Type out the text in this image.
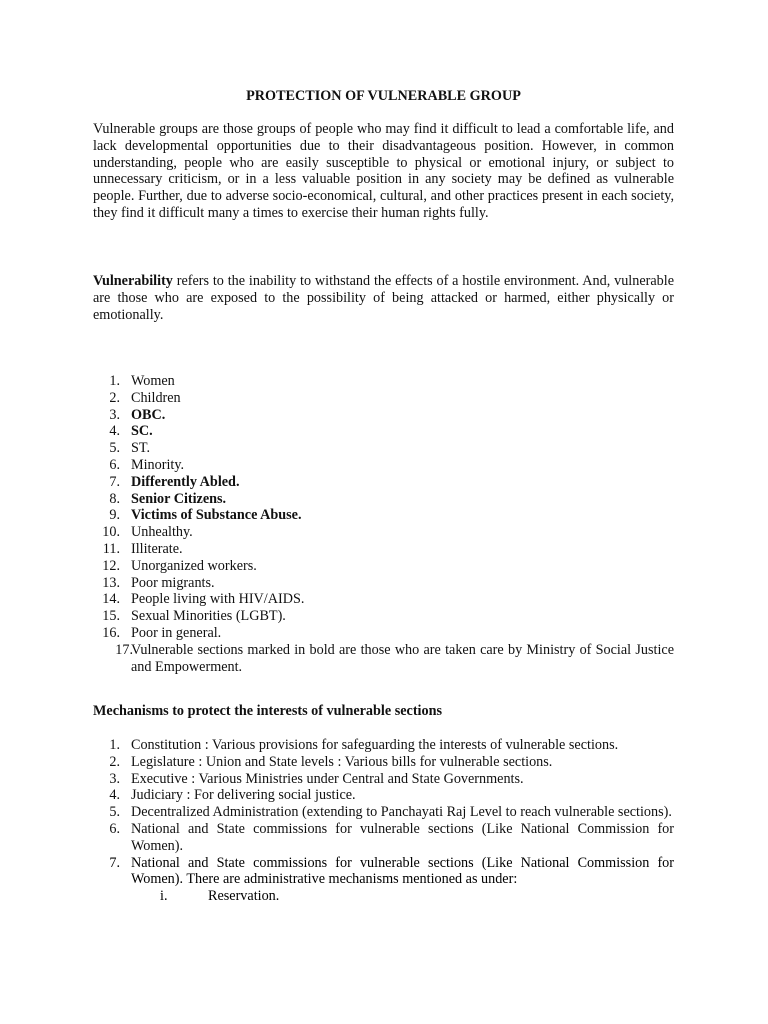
PROTECTION OF VULNERABLE GROUP
Vulnerable groups are those groups of people who may find it difficult to lead a comfortable life, and lack developmental opportunities due to their disadvantageous position. However, in common understanding, people who are easily susceptible to physical or emotional injury, or subject to unnecessary criticism, or in a less valuable position in any society may be defined as vulnerable people. Further, due to adverse socio-economical, cultural, and other practices present in each society, they find it difficult many a times to exercise their human rights fully.
Vulnerability refers to the inability to withstand the effects of a hostile environment. And, vulnerable are those who are exposed to the possibility of being attacked or harmed, either physically or emotionally.
1. Women
2. Children
3. OBC.
4. SC.
5. ST.
6. Minority.
7. Differently Abled.
8. Senior Citizens.
9. Victims of Substance Abuse.
10. Unhealthy.
11. Illiterate.
12. Unorganized workers.
13. Poor migrants.
14. People living with HIV/AIDS.
15. Sexual Minorities (LGBT).
16. Poor in general.
17.
Vulnerable sections marked in bold are those who are taken care by Ministry of Social Justice and Empowerment.
Mechanisms to protect the interests of vulnerable sections
1. Constitution : Various provisions for safeguarding the interests of vulnerable sections.
2. Legislature : Union and State levels : Various bills for vulnerable sections.
3. Executive : Various Ministries under Central and State Governments.
4. Judiciary : For delivering social justice.
5. Decentralized Administration (extending to Panchayati Raj Level to reach vulnerable sections).
6. National and State commissions for vulnerable sections (Like National Commission for Women).
7. National and State commissions for vulnerable sections (Like National Commission for Women). There are administrative mechanisms mentioned as under:
i.	Reservation.
